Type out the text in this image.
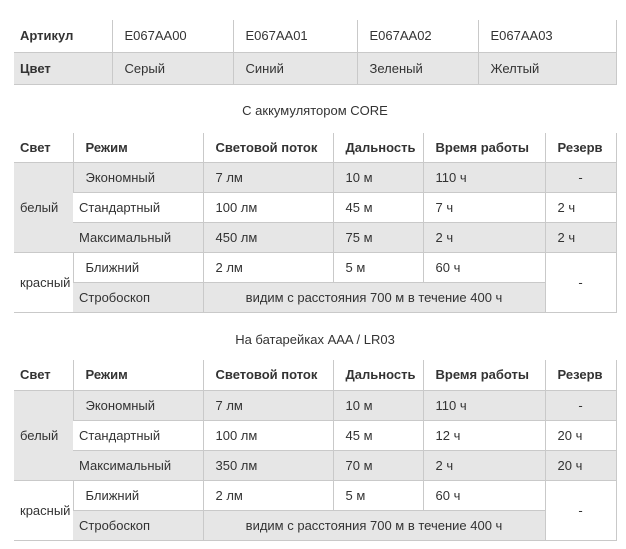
Артикул	E067AA00	E067AA01	E067AA02	E067AA03
Цвет	Серый	Синий	Зеленый	Желтый
С аккумулятором CORE
Свет	Режим	Световой поток	Дальность	Время работы	Резерв
белый	Экономный	7 лм	10 м	110 ч	-
	Стандартный	100 лм	45 м	7 ч	2 ч
	Максимальный	450 лм	75 м	2 ч	2 ч
красный	Ближний	2 лм	5 м	60 ч	-
	Стробоскоп	видим с расстояния 700 м в течение 400 ч			
На батарейках AAA / LR03
Свет	Режим	Световой поток	Дальность	Время работы	Резерв
белый	Экономный	7 лм	10 м	110 ч	-
	Стандартный	100 лм	45 м	12 ч	20 ч
	Максимальный	350 лм	70 м	2 ч	20 ч
красный	Ближний	2 лм	5 м	60 ч	-
	Стробоскоп	видим с расстояния 700 м в течение 400 ч			
